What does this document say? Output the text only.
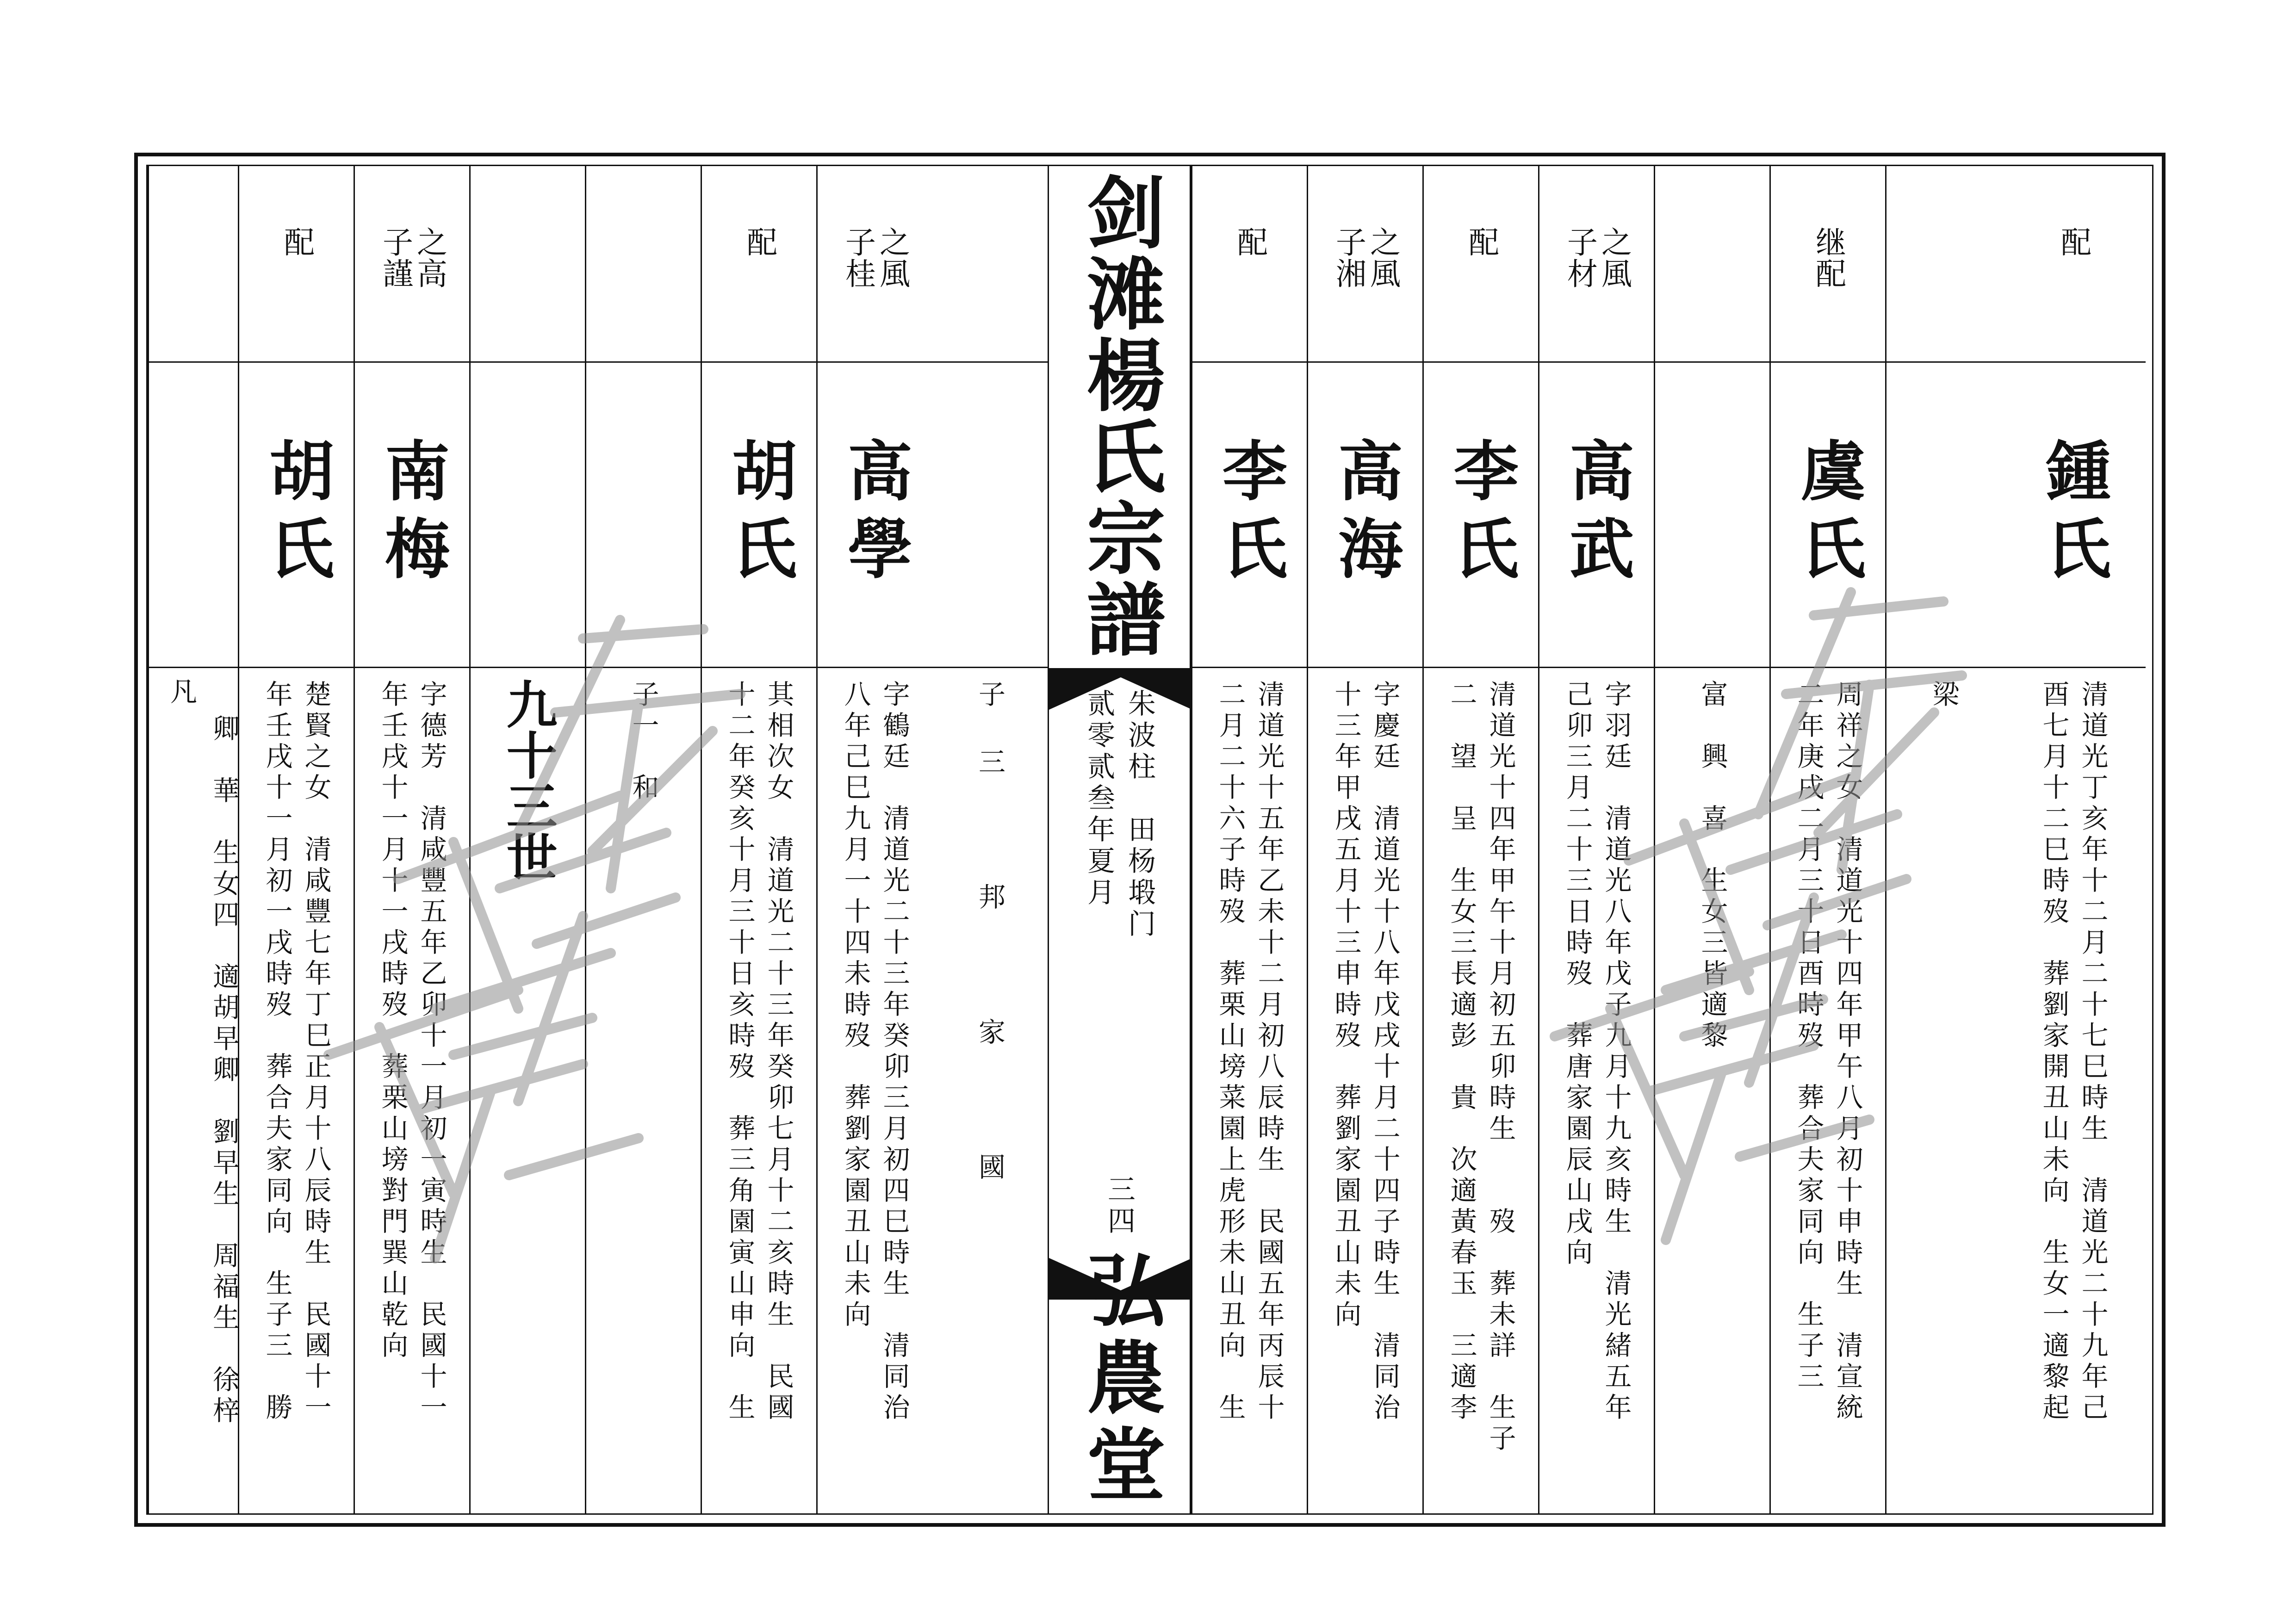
配
鍾氏
清道光丁亥年十二月二十七巳時生　清道光二十九年己
酉七月十二巳時歿　葬劉家開丑山未向　生女一適黎起
梁
继配
虞氏
周祥之女　清道光十四年甲午八月初十申時生　清宣統
二年庚戌二月三十日酉時歿　葬合夫家同向　生子三
富　興　喜　生女三皆適黎
之風
子材
高武
字羽廷　清道光八年戊子九月十九亥時生　清光緒五年
己卯三月二十三日時歿　葬唐家園辰山戌向
配
李氏
清道光十四年甲午十月初五卯時生　　歿　葬未詳　生子
二　望　呈　生女三長適彭　貴　次適黃春玉　三適李
之風
子湘
高海
字慶廷　清道光十八年戊戌十月二十四子時生　清同治
十三年甲戌五月十三申時歿　葬劉家園丑山未向
配
李氏
清道光十五年乙未十二月初八辰時生　民國五年丙辰十
二月二十六子時歿　葬栗山塝菜園上虎形未山丑向　生
剑滩楊氏宗譜
朱波柱　田杨塅门
贰零贰叁年夏月
三四
弘農堂
子三　邦　家　國
之風
子桂
高學
字鶴廷　清道光二十三年癸卯三月初四巳時生　清同治
八年己巳九月一十四未時歿　葬劉家園丑山未向
配
胡氏
其相次女　清道光二十三年癸卯七月十二亥時生　民國
十二年癸亥十月三十日亥時歿　葬三角園寅山申向　生
子一　和
九十三世
之高
子謹
南梅
字德芳　清咸豐五年乙卯十一月初一寅時生　民國十一
年壬戌十一月十一戌時歿　葬栗山塝對門巽山乾向
配
胡氏
楚賢之女　清咸豐七年丁巳正月十八辰時生　民國十一
年壬戌十一月初一戌時歿　葬合夫家同向　生子三　勝
凡
卿　華　生女四　適胡早卿　劉早生　周福生　徐梓
